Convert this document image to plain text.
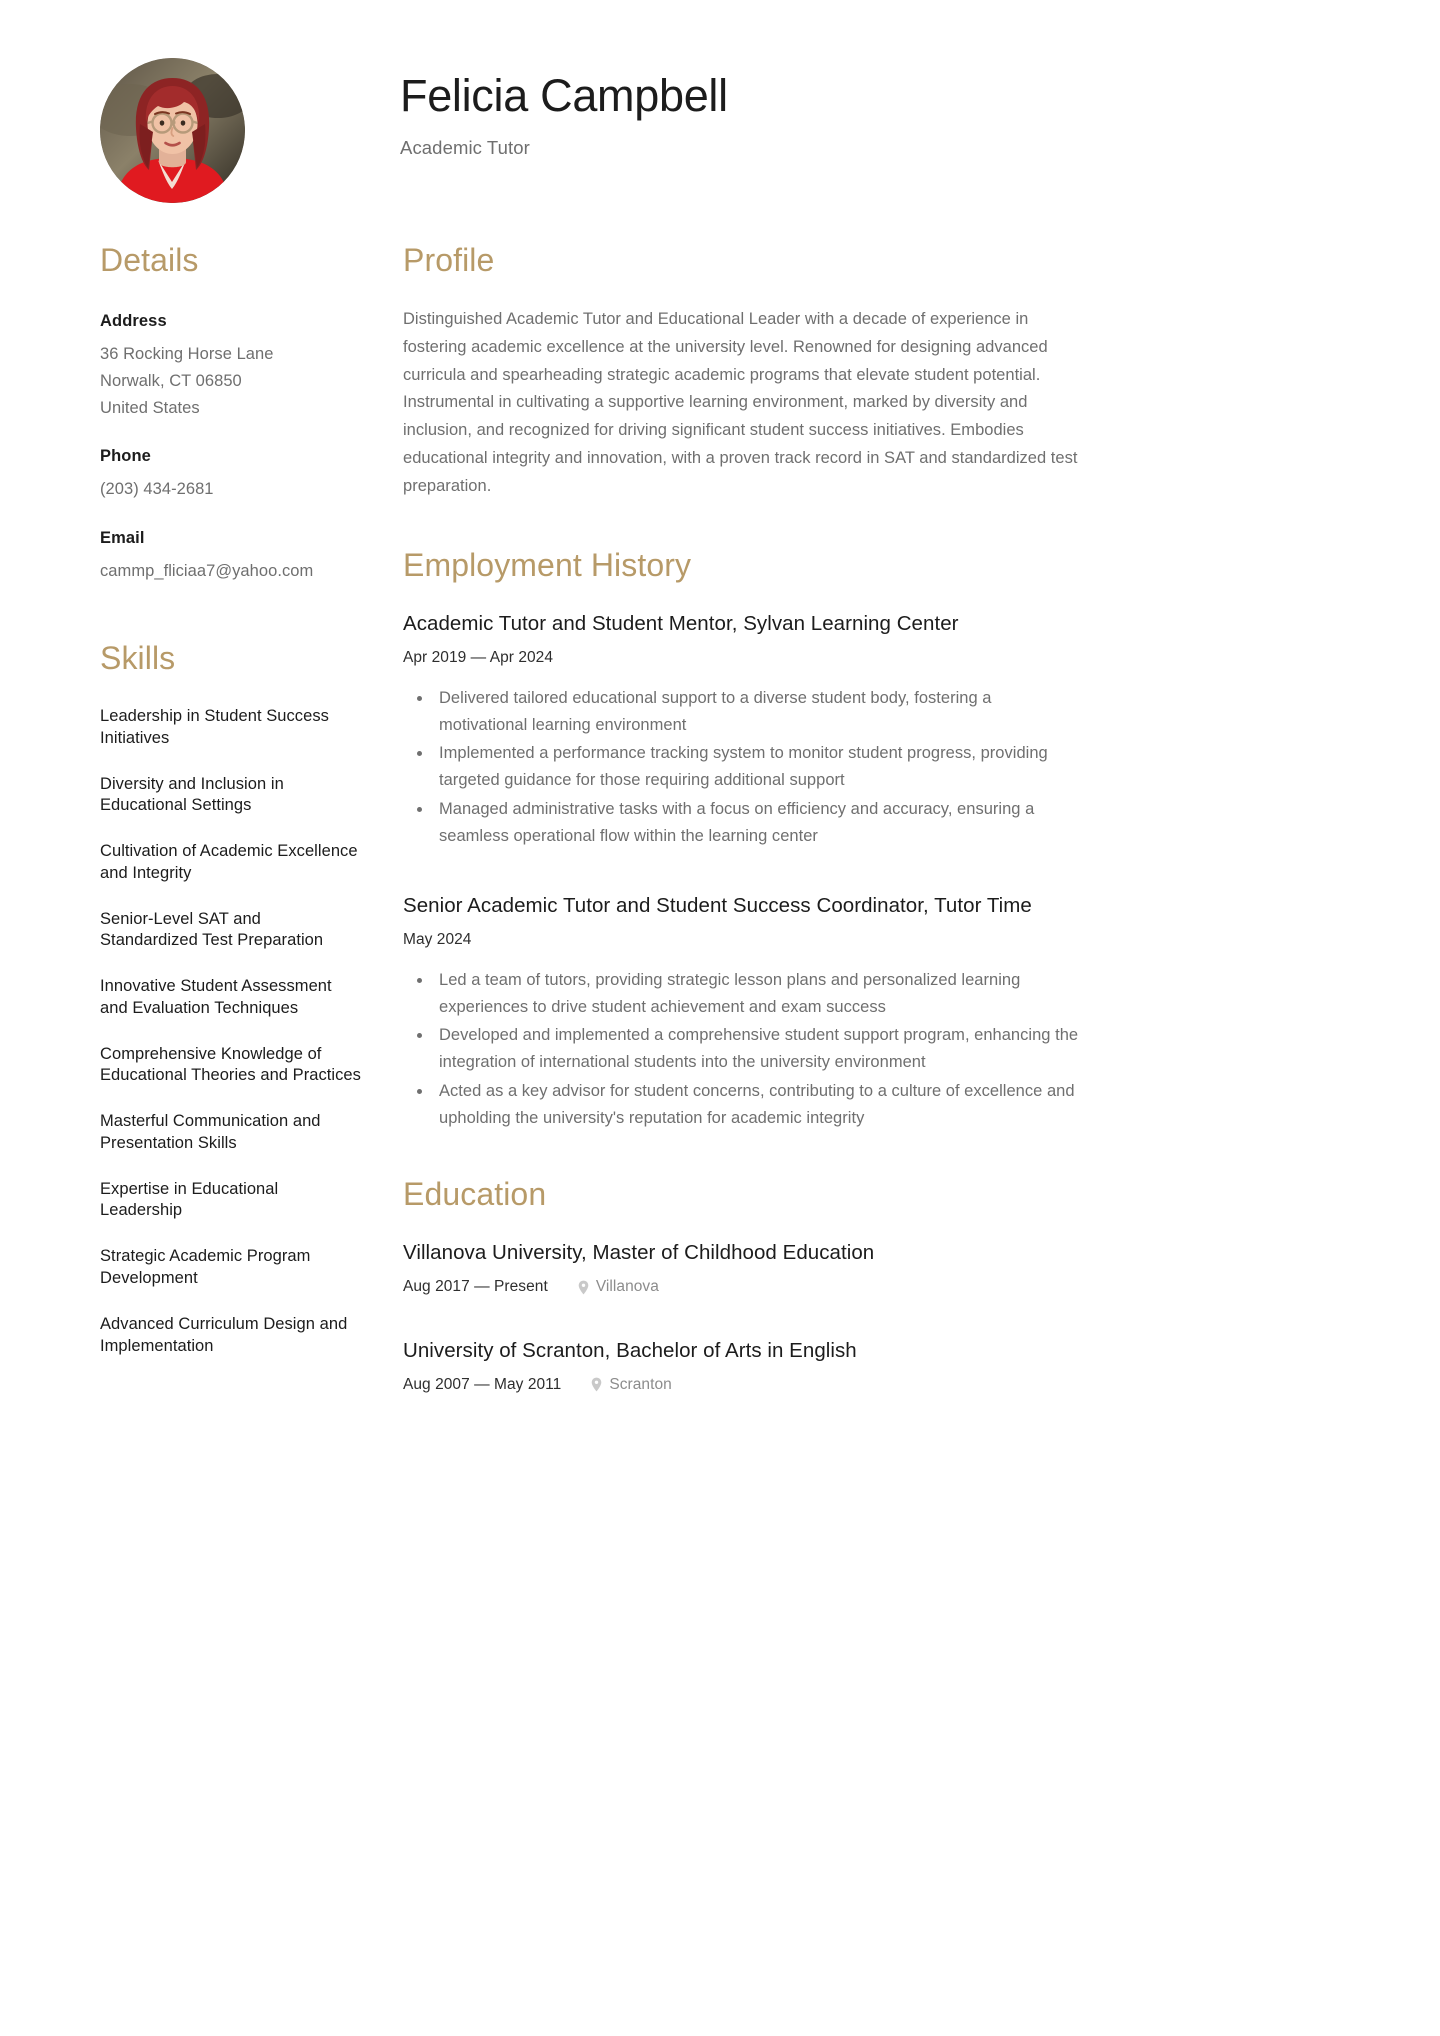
Felicia Campbell
Academic Tutor
Details
Address
36 Rocking Horse Lane
Norwalk, CT 06850
United States
Phone
(203) 434-2681
Email
cammp_fliciaa7@yahoo.com
Skills
Leadership in Student Success Initiatives
Diversity and Inclusion in Educational Settings
Cultivation of Academic Excellence and Integrity
Senior-Level SAT and Standardized Test Preparation
Innovative Student Assessment and Evaluation Techniques
Comprehensive Knowledge of Educational Theories and Practices
Masterful Communication and Presentation Skills
Expertise in Educational Leadership
Strategic Academic Program Development
Advanced Curriculum Design and Implementation
Profile

Distinguished Academic Tutor and Educational Leader with a decade of experience in fostering academic excellence at the university level. Renowned for designing advanced curricula and spearheading strategic academic programs that elevate student potential. Instrumental in cultivating a supportive learning environment, marked by diversity and inclusion, and recognized for driving significant student success initiatives. Embodies educational integrity and innovation, with a proven track record in SAT and standardized test preparation.

Employment History
Academic Tutor and Student Mentor, Sylvan Learning Center
Apr 2019 — Apr 2024
Delivered tailored educational support to a diverse student body, fostering a motivational learning environment
Implemented a performance tracking system to monitor student progress, providing targeted guidance for those requiring additional support
Managed administrative tasks with a focus on efficiency and accuracy, ensuring a seamless operational flow within the learning center
Senior Academic Tutor and Student Success Coordinator, Tutor Time
May 2024
Led a team of tutors, providing strategic lesson plans and personalized learning experiences to drive student achievement and exam success
Developed and implemented a comprehensive student support program, enhancing the integration of international students into the university environment
Acted as a key advisor for student concerns, contributing to a culture of excellence and upholding the university's reputation for academic integrity
Education
Villanova University, Master of Childhood Education
Aug 2017 — Present	Villanova
University of Scranton, Bachelor of Arts in English
Aug 2007 — May 2011	Scranton
